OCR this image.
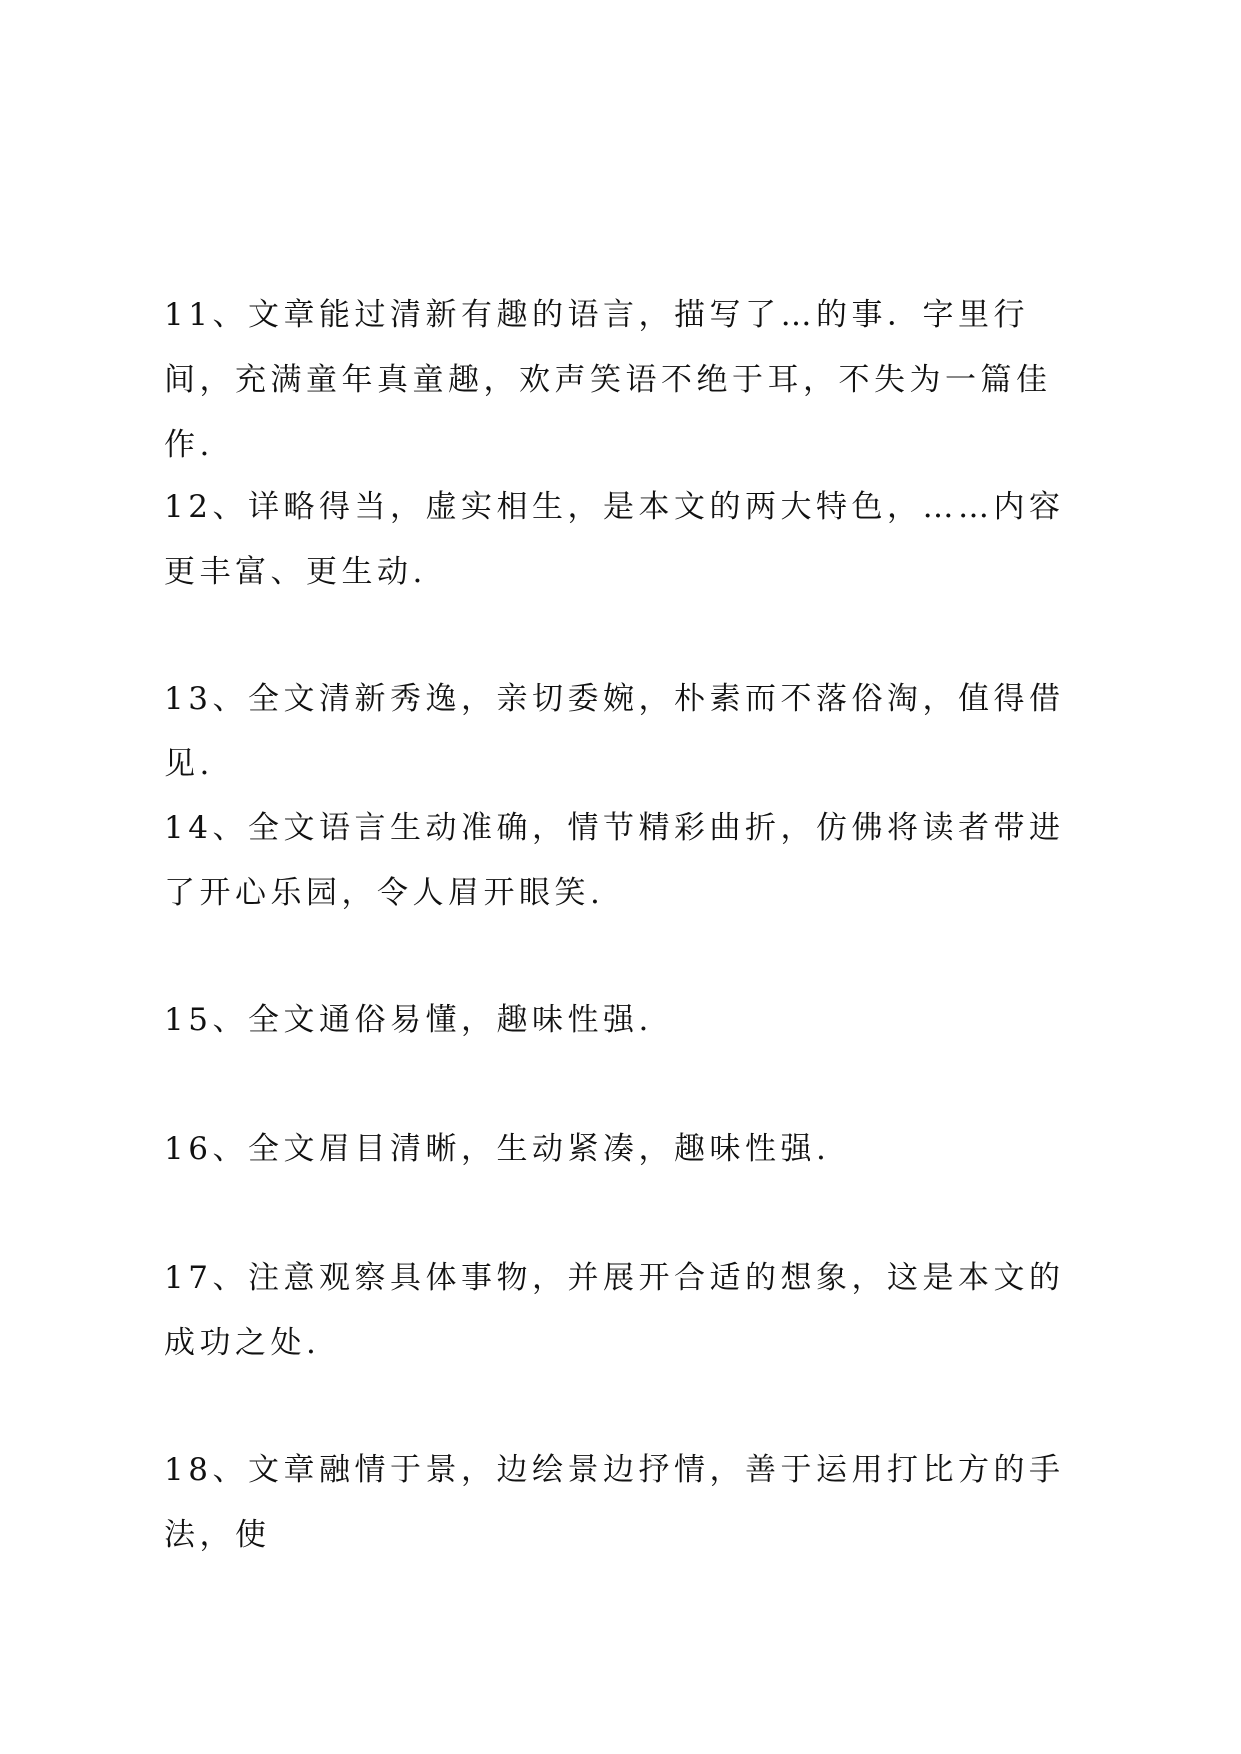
11、文章能过清新有趣的语言，描写了…的事．字里行间，充满童年真童趣，欢声笑语不绝于耳，不失为一篇佳作.

12、详略得当，虚实相生，是本文的两大特色，……内容更丰富、更生动.

13、全文清新秀逸，亲切委婉，朴素而不落俗淘，值得借见.

14、全文语言生动准确，情节精彩曲折，仿佛将读者带进了开心乐园，令人眉开眼笑.

15、全文通俗易懂，趣味性强.

16、全文眉目清晰，生动紧凑，趣味性强.

17、注意观察具体事物，并展开合适的想象，这是本文的成功之处.

18、文章融情于景，边绘景边抒情，善于运用打比方的手法，使
